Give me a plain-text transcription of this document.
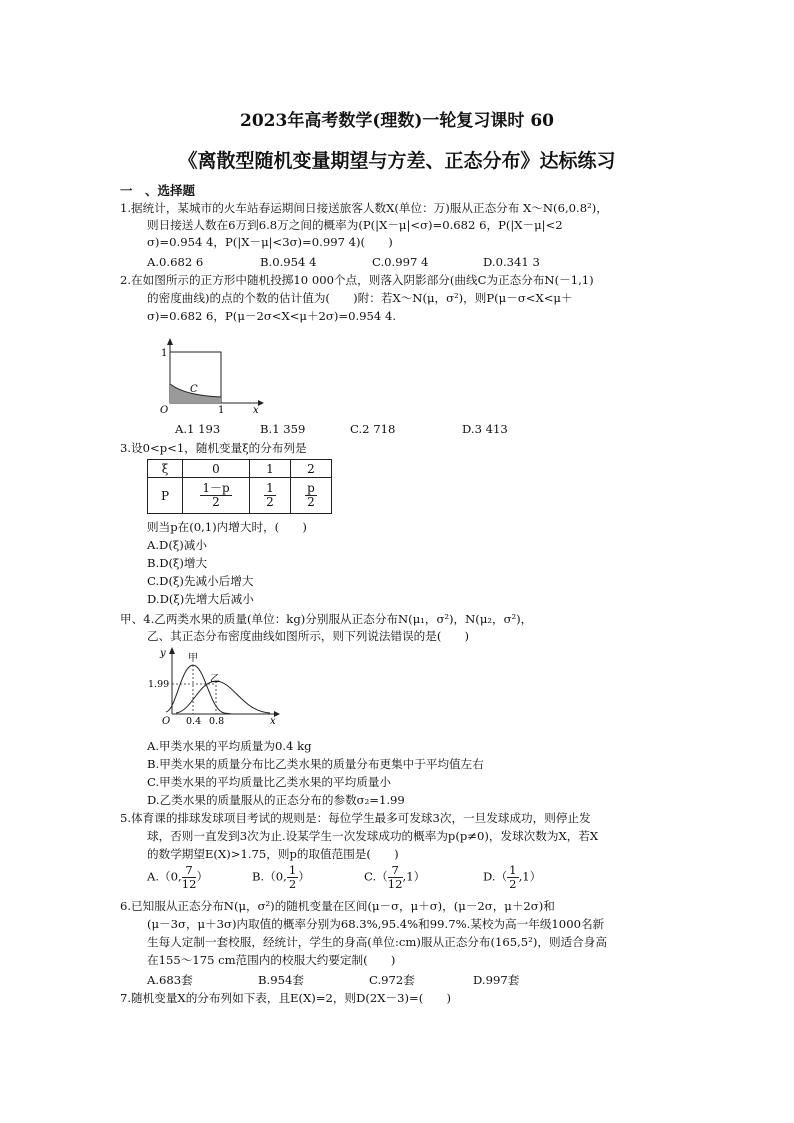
2023年高考数学(理数)一轮复习课时 60
《离散型随机变量期望与方差、正态分布》达标练习
一　、选择题
1.据统计，某城市的火车站春运期间日接送旅客人数X(单位：万)服从正态分布 X～N(6,0.8²)，
则日接送人数在6万到6.8万之间的概率为(P(|X－μ|<σ)=0.682 6，P(|X－μ|<2
σ)=0.954 4，P(|X－μ|<3σ)=0.997 4)(　　)
A.0.682 6	B.0.954 4	C.0.997 4	D.0.341 3
2.在如图所示的正方形中随机投掷10 000个点，则落入阴影部分(曲线C为正态分布N(－1,1)
的密度曲线)的点的个数的估计值为(　　)附：若X～N(μ，σ²)，则P(μ－σ<X<μ＋
σ)=0.682 6，P(μ－2σ<X<μ＋2σ)=0.954 4.
1
C
O	1	x
A.1 193	B.1 359	C.2 718	D.3 413
3.设0<p<1，随机变量ξ的分布列是
ξ	0	1	2
P	$\frac{1-p}{2}$	$\frac{1}{2}$	$\frac{p}{2}$
则当p在(0,1)内增大时，(　　)
A.D(ξ)减小
B.D(ξ)增大
C.D(ξ)先减小后增大
D.D(ξ)先增大后减小
甲、4.乙两类水果的质量(单位：kg)分别服从正态分布N(μ₁，σ²)，N(μ₂，σ²)，
乙、其正态分布密度曲线如图所示，则下列说法错误的是(　　)
y 甲
乙
1.99
O 0.4 0.8	x
A.甲类水果的平均质量为0.4 kg
B.甲类水果的质量分布比乙类水果的质量分布更集中于平均值左右
C.甲类水果的平均质量比乙类水果的平均质量小
D.乙类水果的质量服从的正态分布的参数σ₂=1.99
5.体育课的排球发球项目考试的规则是：每位学生最多可发球3次，一旦发球成功，则停止发
球，否则一直发到3次为止.设某学生一次发球成功的概率为p(p≠0)，发球次数为X，若X
的数学期望E(X)>1.75，则p的取值范围是(　　)
A.（0, $\frac{7}{12}$ ）	B.（0, $\frac{1}{2}$ ）	$C.( \frac{7}{12} ,1)$	$D.( \frac{1}{2} ,1)$
6.已知服从正态分布N(μ，σ²)的随机变量在区间(μ－σ，μ＋σ)，(μ－2σ，μ＋2σ)和
(μ－3σ，μ＋3σ)内取值的概率分别为68.3%,95.4%和99.7%.某校为高一年级1000名新
生每人定制一套校服，经统计，学生的身高(单位:cm)服从正态分布(165,5²)，则适合身高
在155～175 cm范围内的校服大约要定制(　　)
A.683套	B.954套	C.972套	D.997套
7.随机变量X的分布列如下表，且E(X)=2，则D(2X－3)=(　　)
